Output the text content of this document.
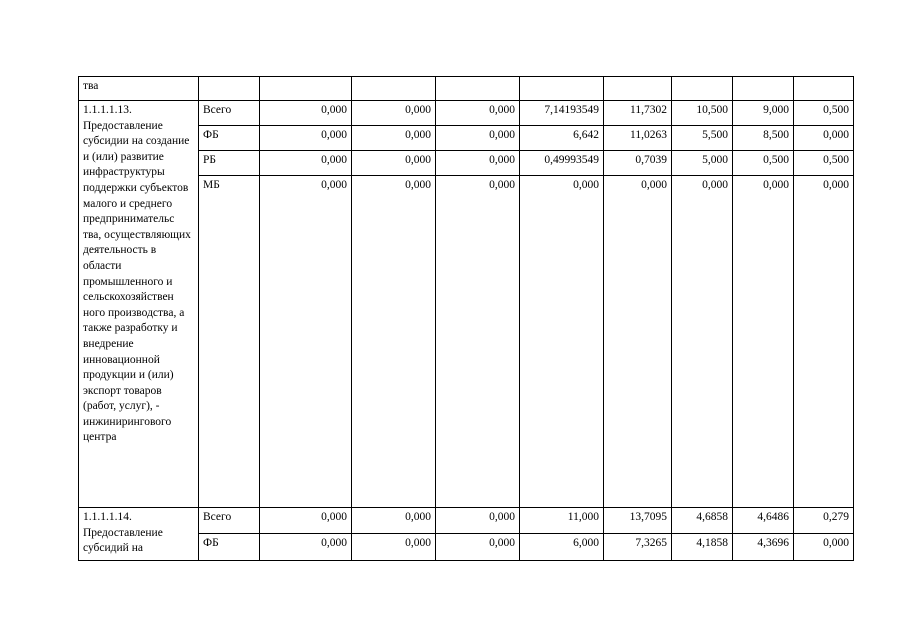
тва									
1.1.1.1.13. Предоставление субсидии на создание и (или) развитие инфраструктуры поддержки субъектов малого и среднего предпринимательс тва, осуществляющих деятельность в области промышленного и сельскохозяйствен ного производства, а также разработку и внедрение инновационной продукции и (или) экспорт товаров (работ, услуг), - инжинирингового центра	Всего	0,000	0,000	0,000	7,14193549	11,7302	10,500	9,000	0,500
	ФБ	0,000	0,000	0,000	6,642	11,0263	5,500	8,500	0,000
	РБ	0,000	0,000	0,000	0,49993549	0,7039	5,000	0,500	0,500
	МБ	0,000	0,000	0,000	0,000	0,000	0,000	0,000	0,000
1.1.1.1.14. Предоставление субсидий на	Всего	0,000	0,000	0,000	11,000	13,7095	4,6858	4,6486	0,279
	ФБ	0,000	0,000	0,000	6,000	7,3265	4,1858	4,3696	0,000
